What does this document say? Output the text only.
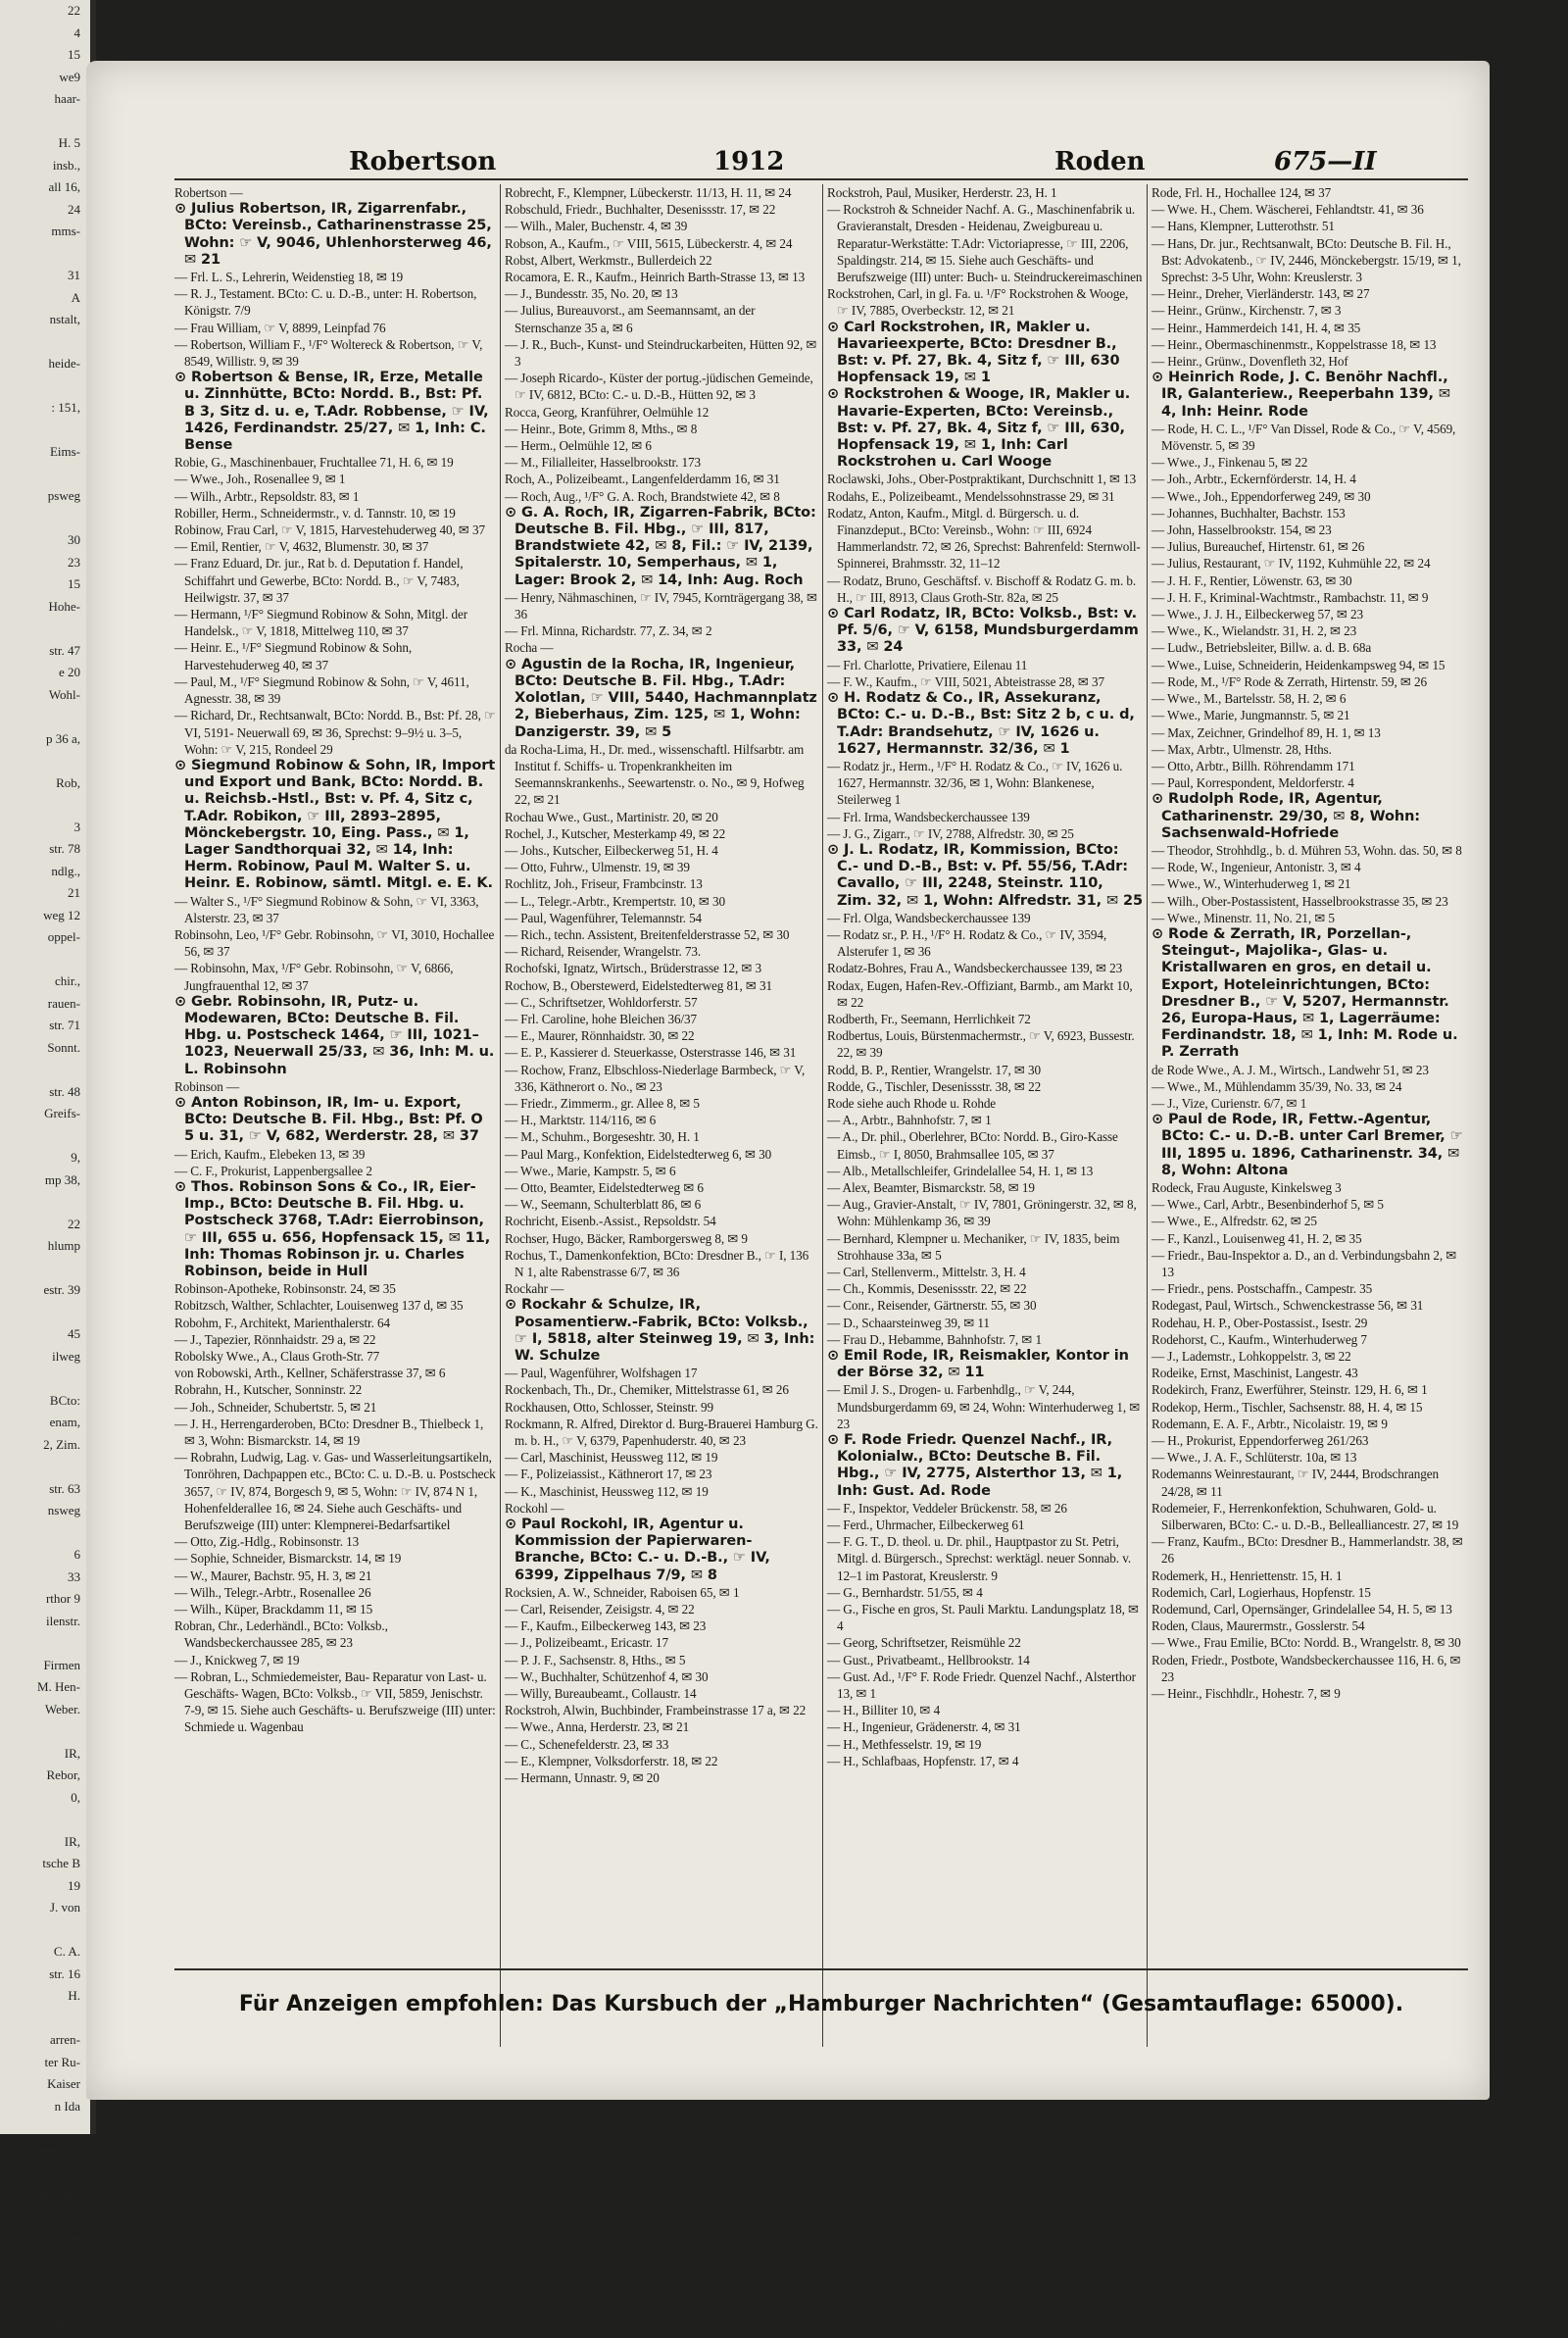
22
4
15
we9
haar-

H. 5
insb.,
all 16,
24
mms-

31
A
nstalt,

heide-

: 151,

Eims-

psweg

30
23
15
Hohe-

str. 47
e 20
Wohl-

p 36 a,

Rob,

3
str. 78
ndlg.,
21
weg 12
oppel-

chir.,
rauen-
str. 71
Sonnt.

str. 48
Greifs-

9,
mp 38,

22
hlump

estr. 39

45
ilweg

BCto:
enam,
2, Zim.

str. 63
nsweg

6
33
rthor 9
ilenstr.

Firmen
M. Hen-
Weber.

IR,
Rebor,
0,

IR,
tsche B
19
J. von

C. A.
str. 16
H.

arren-
ter Ru-
Kaiser
n Ida

tenplatz

becker-

ne

3,

I, 3675,
Robertson	1912	Roden	675—II

Robertson —

⊙ Julius Robertson, IR, Zigarrenfabr., BCto: Vereinsb., Catharinenstrasse 25, Wohn: ☞ V, 9046, Uhlenhorsterweg 46, ✉ 21

— Frl. L. S., Lehrerin, Weidenstieg 18, ✉ 19

— R. J., Testament. BCto: C. u. D.-B., unter: H. Robertson, Königstr. 7/9

— Frau William, ☞ V, 8899, Leinpfad 76

— Robertson, William F., ¹/F° Woltereck & Robertson, ☞ V, 8549, Willistr. 9, ✉ 39

⊙ Robertson & Bense, IR, Erze, Metalle u. Zinnhütte, BCto: Nordd. B., Bst: Pf. B 3, Sitz d. u. e, T.Adr. Robbense, ☞ IV, 1426, Ferdinandstr. 25/27, ✉ 1, Inh: C. Bense

Robie, G., Maschinenbauer, Fruchtallee 71, H. 6, ✉ 19

— Wwe., Joh., Rosenallee 9, ✉ 1

— Wilh., Arbtr., Repsoldstr. 83, ✉ 1

Robiller, Herm., Schneidermstr., v. d. Tannstr. 10, ✉ 19

Robinow, Frau Carl, ☞ V, 1815, Harvestehuderweg 40, ✉ 37

— Emil, Rentier, ☞ V, 4632, Blumenstr. 30, ✉ 37

— Franz Eduard, Dr. jur., Rat b. d. Deputation f. Handel, Schiffahrt und Gewerbe, BCto: Nordd. B., ☞ V, 7483, Heilwigstr. 37, ✉ 37

— Hermann, ¹/F° Siegmund Robinow & Sohn, Mitgl. der Handelsk., ☞ V, 1818, Mittelweg 110, ✉ 37

— Heinr. E., ¹/F° Siegmund Robinow & Sohn, Harvestehuderweg 40, ✉ 37

— Paul, M., ¹/F° Siegmund Robinow & Sohn, ☞ V, 4611, Agnesstr. 38, ✉ 39

— Richard, Dr., Rechtsanwalt, BCto: Nordd. B., Bst: Pf. 28, ☞ VI, 5191- Neuerwall 69, ✉ 36, Sprechst: 9–9½ u. 3–5, Wohn: ☞ V, 215, Rondeel 29

⊙ Siegmund Robinow & Sohn, IR, Import und Export und Bank, BCto: Nordd. B. u. Reichsb.-Hstl., Bst: v. Pf. 4, Sitz c, T.Adr. Robikon, ☞ III, 2893–2895, Mönckebergstr. 10, Eing. Pass., ✉ 1, Lager Sandthorquai 32, ✉ 14, Inh: Herm. Robinow, Paul M. Walter S. u. Heinr. E. Robinow, sämtl. Mitgl. e. E. K.

— Walter S., ¹/F° Siegmund Robinow & Sohn, ☞ VI, 3363, Alsterstr. 23, ✉ 37

Robinsohn, Leo, ¹/F° Gebr. Robinsohn, ☞ VI, 3010, Hochallee 56, ✉ 37

— Robinsohn, Max, ¹/F° Gebr. Robinsohn, ☞ V, 6866, Jungfrauenthal 12, ✉ 37

⊙ Gebr. Robinsohn, IR, Putz- u. Modewaren, BCto: Deutsche B. Fil. Hbg. u. Postscheck 1464, ☞ III, 1021–1023, Neuerwall 25/33, ✉ 36, Inh: M. u. L. Robinsohn

Robinson —

⊙ Anton Robinson, IR, Im- u. Export, BCto: Deutsche B. Fil. Hbg., Bst: Pf. O 5 u. 31, ☞ V, 682, Werderstr. 28, ✉ 37

— Erich, Kaufm., Elebeken 13, ✉ 39

— C. F., Prokurist, Lappenbergsallee 2

⊙ Thos. Robinson Sons & Co., IR, Eier-Imp., BCto: Deutsche B. Fil. Hbg. u. Postscheck 3768, T.Adr: Eierrobinson, ☞ III, 655 u. 656, Hopfensack 15, ✉ 11, Inh: Thomas Robinson jr. u. Charles Robinson, beide in Hull

Robinson-Apotheke, Robinsonstr. 24, ✉ 35

Robitzsch, Walther, Schlachter, Louisenweg 137 d, ✉ 35

Robohm, F., Architekt, Marienthalerstr. 64

— J., Tapezier, Rönnhaidstr. 29 a, ✉ 22

Robolsky Wwe., A., Claus Groth-Str. 77

von Robowski, Arth., Kellner, Schäferstrasse 37, ✉ 6

Robrahn, H., Kutscher, Sonninstr. 22

— Joh., Schneider, Schubertstr. 5, ✉ 21

— J. H., Herrengarderoben, BCto: Dresdner B., Thielbeck 1, ✉ 3, Wohn: Bismarckstr. 14, ✉ 19

— Robrahn, Ludwig, Lag. v. Gas- und Wasserleitungsartikeln, Tonröhren, Dachpappen etc., BCto: C. u. D.-B. u. Postscheck 3657, ☞ IV, 874, Borgesch 9, ✉ 5, Wohn: ☞ IV, 874 N 1, Hohenfelderallee 16, ✉ 24. Siehe auch Geschäfts- und Berufszweige (III) unter: Klempnerei-Bedarfsartikel

— Otto, Zig.-Hdlg., Robinsonstr. 13

— Sophie, Schneider, Bismarckstr. 14, ✉ 19

— W., Maurer, Bachstr. 95, H. 3, ✉ 21

— Wilh., Telegr.-Arbtr., Rosenallee 26

— Wilh., Küper, Brackdamm 11, ✉ 15

Robran, Chr., Lederhändl., BCto: Volksb., Wandsbeckerchaussee 285, ✉ 23

— J., Knickweg 7, ✉ 19

— Robran, L., Schmiedemeister, Bau- Reparatur von Last- u. Geschäfts- Wagen, BCto: Volksb., ☞ VII, 5859, Jenischstr. 7-9, ✉ 15. Siehe auch Geschäfts- u. Berufszweige (III) unter: Schmiede u. Wagenbau

Robrecht, F., Klempner, Lübeckerstr. 11/13, H. 11, ✉ 24

Robschuld, Friedr., Buchhalter, Desenissstr. 17, ✉ 22

— Wilh., Maler, Buchenstr. 4, ✉ 39

Robson, A., Kaufm., ☞ VIII, 5615, Lübeckerstr. 4, ✉ 24

Robst, Albert, Werkmstr., Bullerdeich 22

Rocamora, E. R., Kaufm., Heinrich Barth-Strasse 13, ✉ 13

— J., Bundesstr. 35, No. 20, ✉ 13

— Julius, Bureauvorst., am Seemannsamt, an der Sternschanze 35 a, ✉ 6

— J. R., Buch-, Kunst- und Steindruckarbeiten, Hütten 92, ✉ 3

— Joseph Ricardo-, Küster der portug.-jüdischen Gemeinde, ☞ IV, 6812, BCto: C.- u. D.-B., Hütten 92, ✉ 3

Rocca, Georg, Kranführer, Oelmühle 12

— Heinr., Bote, Grimm 8, Mths., ✉ 8

— Herm., Oelmühle 12, ✉ 6

— M., Filialleiter, Hasselbrookstr. 173

Roch, A., Polizeibeamt., Langenfelderdamm 16, ✉ 31

— Roch, Aug., ¹/F° G. A. Roch, Brandstwiete 42, ✉ 8

⊙ G. A. Roch, IR, Zigarren-Fabrik, BCto: Deutsche B. Fil. Hbg., ☞ III, 817, Brandstwiete 42, ✉ 8, Fil.: ☞ IV, 2139, Spitalerstr. 10, Semperhaus, ✉ 1, Lager: Brook 2, ✉ 14, Inh: Aug. Roch

— Henry, Nähmaschinen, ☞ IV, 7945, Kornträgergang 38, ✉ 36

— Frl. Minna, Richardstr. 77, Z. 34, ✉ 2

Rocha —

⊙ Agustin de la Rocha, IR, Ingenieur, BCto: Deutsche B. Fil. Hbg., T.Adr: Xolotlan, ☞ VIII, 5440, Hachmannplatz 2, Bieberhaus, Zim. 125, ✉ 1, Wohn: Danzigerstr. 39, ✉ 5

da Rocha-Lima, H., Dr. med., wissenschaftl. Hilfsarbtr. am Institut f. Schiffs- u. Tropenkrankheiten im Seemannskrankenhs., Seewartenstr. o. No., ✉ 9, Hofweg 22, ✉ 21

Rochau Wwe., Gust., Martinistr. 20, ✉ 20

Rochel, J., Kutscher, Mesterkamp 49, ✉ 22

— Johs., Kutscher, Eilbeckerweg 51, H. 4

— Otto, Fuhrw., Ulmenstr. 19, ✉ 39

Rochlitz, Joh., Friseur, Frambcinstr. 13

— L., Telegr.-Arbtr., Krempertstr. 10, ✉ 30

— Paul, Wagenführer, Telemannstr. 54

— Rich., techn. Assistent, Breitenfelderstrasse 52, ✉ 30

— Richard, Reisender, Wrangelstr. 73.

Rochofski, Ignatz, Wirtsch., Brüderstrasse 12, ✉ 3

Rochow, B., Oberstewerd, Eidelstedterweg 81, ✉ 31

— C., Schriftsetzer, Wohldorferstr. 57

— Frl. Caroline, hohe Bleichen 36/37

— E., Maurer, Rönnhaidstr. 30, ✉ 22

— E. P., Kassierer d. Steuerkasse, Osterstrasse 146, ✉ 31

— Rochow, Franz, Elbschloss-Niederlage Barmbeck, ☞ V, 336, Käthnerort o. No., ✉ 23

— Friedr., Zimmerm., gr. Allee 8, ✉ 5

— H., Marktstr. 114/116, ✉ 6

— M., Schuhm., Borgeseshtr. 30, H. 1

— Paul Marg., Konfektion, Eidelstedterweg 6, ✉ 30

— Wwe., Marie, Kampstr. 5, ✉ 6

— Otto, Beamter, Eidelstedterweg ✉ 6

— W., Seemann, Schulterblatt 86, ✉ 6

Rochricht, Eisenb.-Assist., Repsoldstr. 54

Rochser, Hugo, Bäcker, Ramborgersweg 8, ✉ 9

Rochus, T., Damenkonfektion, BCto: Dresdner B., ☞ I, 136 N 1, alte Rabenstrasse 6/7, ✉ 36

Rockahr —

⊙ Rockahr & Schulze, IR, Posamentierw.-Fabrik, BCto: Volksb., ☞ I, 5818, alter Steinweg 19, ✉ 3, Inh: W. Schulze

— Paul, Wagenführer, Wolfshagen 17

Rockenbach, Th., Dr., Chemiker, Mittelstrasse 61, ✉ 26

Rockhausen, Otto, Schlosser, Steinstr. 99

Rockmann, R. Alfred, Direktor d. Burg-Brauerei Hamburg G. m. b. H., ☞ V, 6379, Papenhuderstr. 40, ✉ 23

— Carl, Maschinist, Heussweg 112, ✉ 19

— F., Polizeiassist., Käthnerort 17, ✉ 23

— K., Maschinist, Heussweg 112, ✉ 19

Rockohl —

⊙ Paul Rockohl, IR, Agentur u. Kommission der Papierwaren-Branche, BCto: C.- u. D.-B., ☞ IV, 6399, Zippelhaus 7/9, ✉ 8

Rocksien, A. W., Schneider, Raboisen 65, ✉ 1

— Carl, Reisender, Zeisigstr. 4, ✉ 22

— F., Kaufm., Eilbeckerweg 143, ✉ 23

— J., Polizeibeamt., Ericastr. 17

— P. J. F., Sachsenstr. 8, Hths., ✉ 5

— W., Buchhalter, Schützenhof 4, ✉ 30

— Willy, Bureaubeamt., Collaustr. 14

Rockstroh, Alwin, Buchbinder, Frambeinstrasse 17 a, ✉ 22

— Wwe., Anna, Herderstr. 23, ✉ 21

— C., Schenefelderstr. 23, ✉ 33

— E., Klempner, Volksdorferstr. 18, ✉ 22

— Hermann, Unnastr. 9, ✉ 20

Rockstroh, Paul, Musiker, Herderstr. 23, H. 1

— Rockstroh & Schneider Nachf. A. G., Maschinenfabrik u. Gravieranstalt, Dresden - Heidenau, Zweigbureau u. Reparatur-Werkstätte: T.Adr: Victoriapresse, ☞ III, 2206, Spaldingstr. 214, ✉ 15. Siehe auch Geschäfts- und Berufszweige (III) unter: Buch- u. Steindruckereimaschinen

Rockstrohen, Carl, in gl. Fa. u. ¹/F° Rockstrohen & Wooge, ☞ IV, 7885, Overbeckstr. 12, ✉ 21

⊙ Carl Rockstrohen, IR, Makler u. Havarieexperte, BCto: Dresdner B., Bst: v. Pf. 27, Bk. 4, Sitz f, ☞ III, 630 Hopfensack 19, ✉ 1

⊙ Rockstrohen & Wooge, IR, Makler u. Havarie-Experten, BCto: Vereinsb., Bst: v. Pf. 27, Bk. 4, Sitz f, ☞ III, 630, Hopfensack 19, ✉ 1, Inh: Carl Rockstrohen u. Carl Wooge

Roclawski, Johs., Ober-Postpraktikant, Durchschnitt 1, ✉ 13

Rodahs, E., Polizeibeamt., Mendelssohnstrasse 29, ✉ 31

Rodatz, Anton, Kaufm., Mitgl. d. Bürgersch. u. d. Finanzdeput., BCto: Vereinsb., Wohn: ☞ III, 6924 Hammerlandstr. 72, ✉ 26, Sprechst: Bahrenfeld: Sternwoll-Spinnerei, Brahmsstr. 32, 11–12

— Rodatz, Bruno, Geschäftsf. v. Bischoff & Rodatz G. m. b. H., ☞ III, 8913, Claus Groth-Str. 82a, ✉ 25

⊙ Carl Rodatz, IR, BCto: Volksb., Bst: v. Pf. 5/6, ☞ V, 6158, Mundsburgerdamm 33, ✉ 24

— Frl. Charlotte, Privatiere, Eilenau 11

— F. W., Kaufm., ☞ VIII, 5021, Abteistrasse 28, ✉ 37

⊙ H. Rodatz & Co., IR, Assekuranz, BCto: C.- u. D.-B., Bst: Sitz 2 b, c u. d, T.Adr: Brandsehutz, ☞ IV, 1626 u. 1627, Hermannstr. 32/36, ✉ 1

— Rodatz jr., Herm., ¹/F° H. Rodatz & Co., ☞ IV, 1626 u. 1627, Hermannstr. 32/36, ✉ 1, Wohn: Blankenese, Steilerweg 1

— Frl. Irma, Wandsbeckerchaussee 139

— J. G., Zigarr., ☞ IV, 2788, Alfredstr. 30, ✉ 25

⊙ J. L. Rodatz, IR, Kommission, BCto: C.- und D.-B., Bst: v. Pf. 55/56, T.Adr: Cavallo, ☞ III, 2248, Steinstr. 110, Zim. 32, ✉ 1, Wohn: Alfredstr. 31, ✉ 25

— Frl. Olga, Wandsbeckerchaussee 139

— Rodatz sr., P. H., ¹/F° H. Rodatz & Co., ☞ IV, 3594, Alsterufer 1, ✉ 36

Rodatz-Bohres, Frau A., Wandsbeckerchaussee 139, ✉ 23

Rodax, Eugen, Hafen-Rev.-Offiziant, Barmb., am Markt 10, ✉ 22

Rodberth, Fr., Seemann, Herrlichkeit 72

Rodbertus, Louis, Bürstenmachermstr., ☞ V, 6923, Bussestr. 22, ✉ 39

Rodd, B. P., Rentier, Wrangelstr. 17, ✉ 30

Rodde, G., Tischler, Desenissstr. 38, ✉ 22

Rode siehe auch Rhode u. Rohde

— A., Arbtr., Bahnhofstr. 7, ✉ 1

— A., Dr. phil., Oberlehrer, BCto: Nordd. B., Giro-Kasse Eimsb., ☞ I, 8050, Brahmsallee 105, ✉ 37

— Alb., Metallschleifer, Grindelallee 54, H. 1, ✉ 13

— Alex, Beamter, Bismarckstr. 58, ✉ 19

— Aug., Gravier-Anstalt, ☞ IV, 7801, Gröningerstr. 32, ✉ 8, Wohn: Mühlenkamp 36, ✉ 39

— Bernhard, Klempner u. Mechaniker, ☞ IV, 1835, beim Strohhause 33a, ✉ 5

— Carl, Stellenverm., Mittelstr. 3, H. 4

— Ch., Kommis, Desenissstr. 22, ✉ 22

— Conr., Reisender, Gärtnerstr. 55, ✉ 30

— D., Schaarsteinweg 39, ✉ 11

— Frau D., Hebamme, Bahnhofstr. 7, ✉ 1

⊙ Emil Rode, IR, Reismakler, Kontor in der Börse 32, ✉ 11

— Emil J. S., Drogen- u. Farbenhdlg., ☞ V, 244, Mundsburgerdamm 69, ✉ 24, Wohn: Winterhuderweg 1, ✉ 23

⊙ F. Rode Friedr. Quenzel Nachf., IR, Kolonialw., BCto: Deutsche B. Fil. Hbg., ☞ IV, 2775, Alsterthor 13, ✉ 1, Inh: Gust. Ad. Rode

— F., Inspektor, Veddeler Brückenstr. 58, ✉ 26

— Ferd., Uhrmacher, Eilbeckerweg 61

— F. G. T., D. theol. u. Dr. phil., Hauptpastor zu St. Petri, Mitgl. d. Bürgersch., Sprechst: werktägl. neuer Sonnab. v. 12–1 im Pastorat, Kreuslerstr. 9

— G., Bernhardstr. 51/55, ✉ 4

— G., Fische en gros, St. Pauli Marktu. Landungsplatz 18, ✉ 4

— Georg, Schriftsetzer, Reismühle 22

— Gust., Privatbeamt., Hellbrookstr. 14

— Gust. Ad., ¹/F° F. Rode Friedr. Quenzel Nachf., Alsterthor 13, ✉ 1

— H., Billiter 10, ✉ 4

— H., Ingenieur, Grädenerstr. 4, ✉ 31

— H., Methfesselstr. 19, ✉ 19

— H., Schlafbaas, Hopfenstr. 17, ✉ 4

Rode, Frl. H., Hochallee 124, ✉ 37

— Wwe. H., Chem. Wäscherei, Fehlandtstr. 41, ✉ 36

— Hans, Klempner, Lutterothstr. 51

— Hans, Dr. jur., Rechtsanwalt, BCto: Deutsche B. Fil. H., Bst: Advokatenb., ☞ IV, 2446, Mönckebergstr. 15/19, ✉ 1, Sprechst: 3-5 Uhr, Wohn: Kreuslerstr. 3

— Heinr., Dreher, Vierländerstr. 143, ✉ 27

— Heinr., Grünw., Kirchenstr. 7, ✉ 3

— Heinr., Hammerdeich 141, H. 4, ✉ 35

— Heinr., Obermaschinenmstr., Koppelstrasse 18, ✉ 13

— Heinr., Grünw., Dovenfleth 32, Hof

⊙ Heinrich Rode, J. C. Benöhr Nachfl., IR, Galanteriew., Reeperbahn 139, ✉ 4, Inh: Heinr. Rode

— Rode, H. C. L., ¹/F° Van Dissel, Rode & Co., ☞ V, 4569, Mövenstr. 5, ✉ 39

— Wwe., J., Finkenau 5, ✉ 22

— Joh., Arbtr., Eckernförderstr. 14, H. 4

— Wwe., Joh., Eppendorferweg 249, ✉ 30

— Johannes, Buchhalter, Bachstr. 153

— John, Hasselbrookstr. 154, ✉ 23

— Julius, Bureauchef, Hirtenstr. 61, ✉ 26

— Julius, Restaurant, ☞ IV, 1192, Kuhmühle 22, ✉ 24

— J. H. F., Rentier, Löwenstr. 63, ✉ 30

— J. H. F., Kriminal-Wachtmstr., Rambachstr. 11, ✉ 9

— Wwe., J. J. H., Eilbeckerweg 57, ✉ 23

— Wwe., K., Wielandstr. 31, H. 2, ✉ 23

— Ludw., Betriebsleiter, Billw. a. d. B. 68a

— Wwe., Luise, Schneiderin, Heidenkampsweg 94, ✉ 15

— Rode, M., ¹/F° Rode & Zerrath, Hirtenstr. 59, ✉ 26

— Wwe., M., Bartelsstr. 58, H. 2, ✉ 6

— Wwe., Marie, Jungmannstr. 5, ✉ 21

— Max, Zeichner, Grindelhof 89, H. 1, ✉ 13

— Max, Arbtr., Ulmenstr. 28, Hths.

— Otto, Arbtr., Billh. Röhrendamm 171

— Paul, Korrespondent, Meldorferstr. 4

⊙ Rudolph Rode, IR, Agentur, Catharinenstr. 29/30, ✉ 8, Wohn: Sachsenwald-Hofriede

— Theodor, Strohhdlg., b. d. Mühren 53, Wohn. das. 50, ✉ 8

— Rode, W., Ingenieur, Antonistr. 3, ✉ 4

— Wwe., W., Winterhuderweg 1, ✉ 21

— Wilh., Ober-Postassistent, Hasselbrookstrasse 35, ✉ 23

— Wwe., Minenstr. 11, No. 21, ✉ 5

⊙ Rode & Zerrath, IR, Porzellan-, Steingut-, Majolika-, Glas- u. Kristallwaren en gros, en detail u. Export, Hoteleinrichtungen, BCto: Dresdner B., ☞ V, 5207, Hermannstr. 26, Europa-Haus, ✉ 1, Lagerräume: Ferdinandstr. 18, ✉ 1, Inh: M. Rode u. P. Zerrath

de Rode Wwe., A. J. M., Wirtsch., Landwehr 51, ✉ 23

— Wwe., M., Mühlendamm 35/39, No. 33, ✉ 24

— J., Vize, Curienstr. 6/7, ✉ 1

⊙ Paul de Rode, IR, Fettw.-Agentur, BCto: C.- u. D.-B. unter Carl Bremer, ☞ III, 1895 u. 1896, Catharinenstr. 34, ✉ 8, Wohn: Altona

Rodeck, Frau Auguste, Kinkelsweg 3

— Wwe., Carl, Arbtr., Besenbinderhof 5, ✉ 5

— Wwe., E., Alfredstr. 62, ✉ 25

— F., Kanzl., Louisenweg 41, H. 2, ✉ 35

— Friedr., Bau-Inspektor a. D., an d. Verbindungsbahn 2, ✉ 13

— Friedr., pens. Postschaffn., Campestr. 35

Rodegast, Paul, Wirtsch., Schwenckestrasse 56, ✉ 31

Rodehau, H. P., Ober-Postassist., Isestr. 29

Rodehorst, C., Kaufm., Winterhuderweg 7

— J., Lademstr., Lohkoppelstr. 3, ✉ 22

Rodeike, Ernst, Maschinist, Langestr. 43

Rodekirch, Franz, Ewerführer, Steinstr. 129, H. 6, ✉ 1

Rodekop, Herm., Tischler, Sachsenstr. 88, H. 4, ✉ 15

Rodemann, E. A. F., Arbtr., Nicolaistr. 19, ✉ 9

— H., Prokurist, Eppendorferweg 261/263

— Wwe., J. A. F., Schlüterstr. 10a, ✉ 13

Rodemanns Weinrestaurant, ☞ IV, 2444, Brodschrangen 24/28, ✉ 11

Rodemeier, F., Herrenkonfektion, Schuhwaren, Gold- u. Silberwaren, BCto: C.- u. D.-B., Bellealliancestr. 27, ✉ 19

— Franz, Kaufm., BCto: Dresdner B., Hammerlandstr. 38, ✉ 26

Rodemerk, H., Henriettenstr. 15, H. 1

Rodemich, Carl, Logierhaus, Hopfenstr. 15

Rodemund, Carl, Opernsänger, Grindelallee 54, H. 5, ✉ 13

Roden, Claus, Maurermstr., Gosslerstr. 54

— Wwe., Frau Emilie, BCto: Nordd. B., Wrangelstr. 8, ✉ 30

Roden, Friedr., Postbote, Wandsbeckerchaussee 116, H. 6, ✉ 23

— Heinr., Fischhdlr., Hohestr. 7, ✉ 9

Für Anzeigen empfohlen: Das Kursbuch der „Hamburger Nachrichten“ (Gesamtauflage: 65000).
